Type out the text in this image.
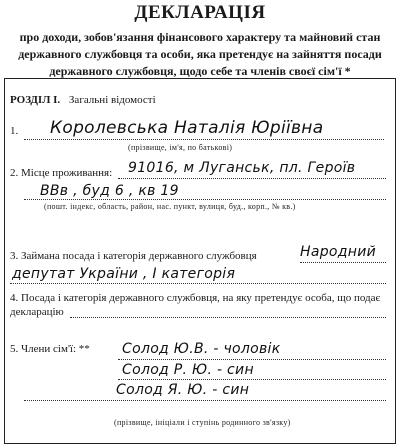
ДЕКЛАРАЦІЯ
про доходи, зобов'язання фінансового характеру та майновий стан
державного службовця та особи, яка претендує на зайняття посади
державного службовця, щодо себе та членів своєї сім'ї *
РОЗДІЛ I. Загальні відомості
1. Королевська Наталія Юріївна
(прізвище, ім'я, по батькові)
2. Місце проживання: 91016, м Луганськ, пл. Героїв
ВВв , буд 6 , кв 19
(пошт. індекс, область, район, нас. пункт, вулиця, буд., корп., № кв.)
3. Займана посада і категорія державного службовця	Народний
депутат України , I категорія
4. Посада і категорія державного службовця, на яку претендує особа, що подає
декларацію
5. Члени сім'ї: ** Солод Ю.В. - чоловік
Солод Р. Ю. - син
Солод Я. Ю. - син
(прізвище, ініціали і ступінь родинного зв'язку)
